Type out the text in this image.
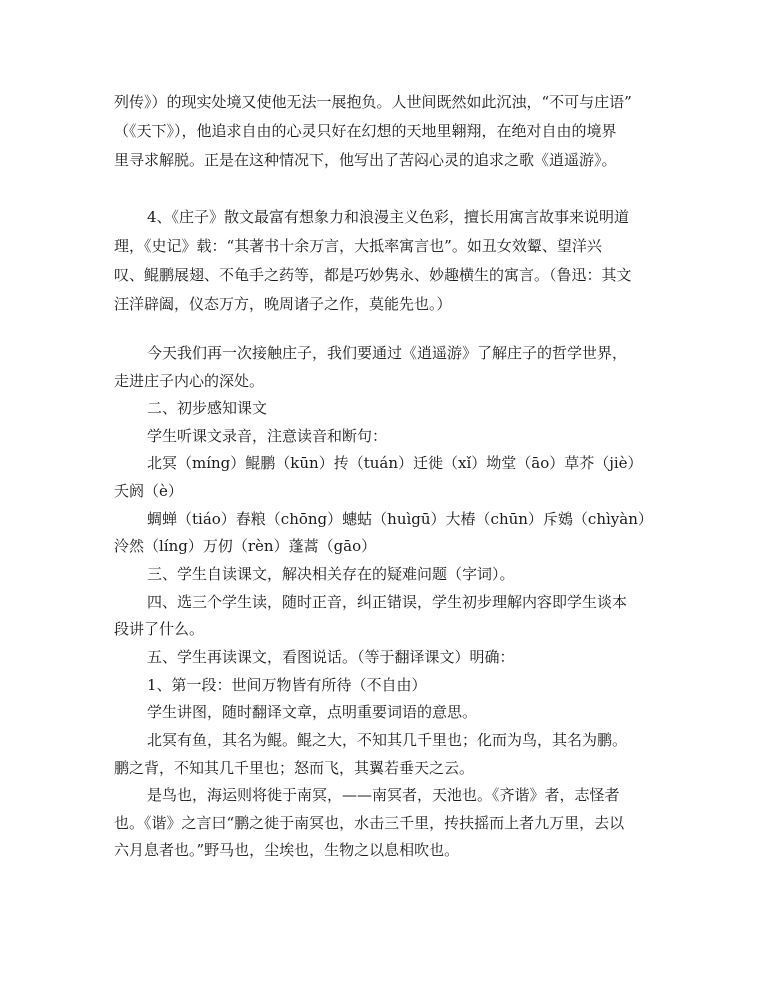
列传》）的现实处境又使他无法一展抱负。人世间既然如此沉浊，“不可与庄语”
（《天下》），他追求自由的心灵只好在幻想的天地里翱翔，在绝对自由的境界
里寻求解脱。正是在这种情况下，他写出了苦闷心灵的追求之歌《逍遥游》。
4、《庄子》散文最富有想象力和浪漫主义色彩，擅长用寓言故事来说明道
理，《史记》载：“其著书十余万言，大抵率寓言也”。如丑女效颦、望洋兴
叹、鲲鹏展翅、不龟手之药等，都是巧妙隽永、妙趣横生的寓言。（鲁迅：其文
汪洋辟阖，仪态万方，晚周诸子之作，莫能先也。）
今天我们再一次接触庄子，我们要通过《逍遥游》了解庄子的哲学世界，
走进庄子内心的深处。
二、初步感知课文
学生听课文录音，注意读音和断句：
北冥（míng）鲲鹏（kūn）抟（tuán）迁徙（xǐ）坳堂（āo）草芥（jiè）
夭阏（è）
蜩蝉（tiáo）舂粮（chōng）蟪蛄（huìgū）大椿（chūn）斥鴳（chìyàn）
泠然（líng）万仞（rèn）蓬蒿（gāo）
三、学生自读课文，解决相关存在的疑难问题（字词）。
四、选三个学生读，随时正音，纠正错误，学生初步理解内容即学生谈本
段讲了什么。
五、学生再读课文，看图说话。（等于翻译课文）明确：
1、第一段：世间万物皆有所待（不自由）
学生讲图，随时翻译文章，点明重要词语的意思。
北冥有鱼，其名为鲲。鲲之大，不知其几千里也；化而为鸟，其名为鹏。
鹏之背，不知其几千里也；怒而飞，其翼若垂天之云。
是鸟也，海运则将徙于南冥，——南冥者，天池也。《齐谐》者，志怪者
也。《谐》之言曰“鹏之徙于南冥也，水击三千里，抟扶摇而上者九万里，去以
六月息者也。”野马也，尘埃也，生物之以息相吹也。
